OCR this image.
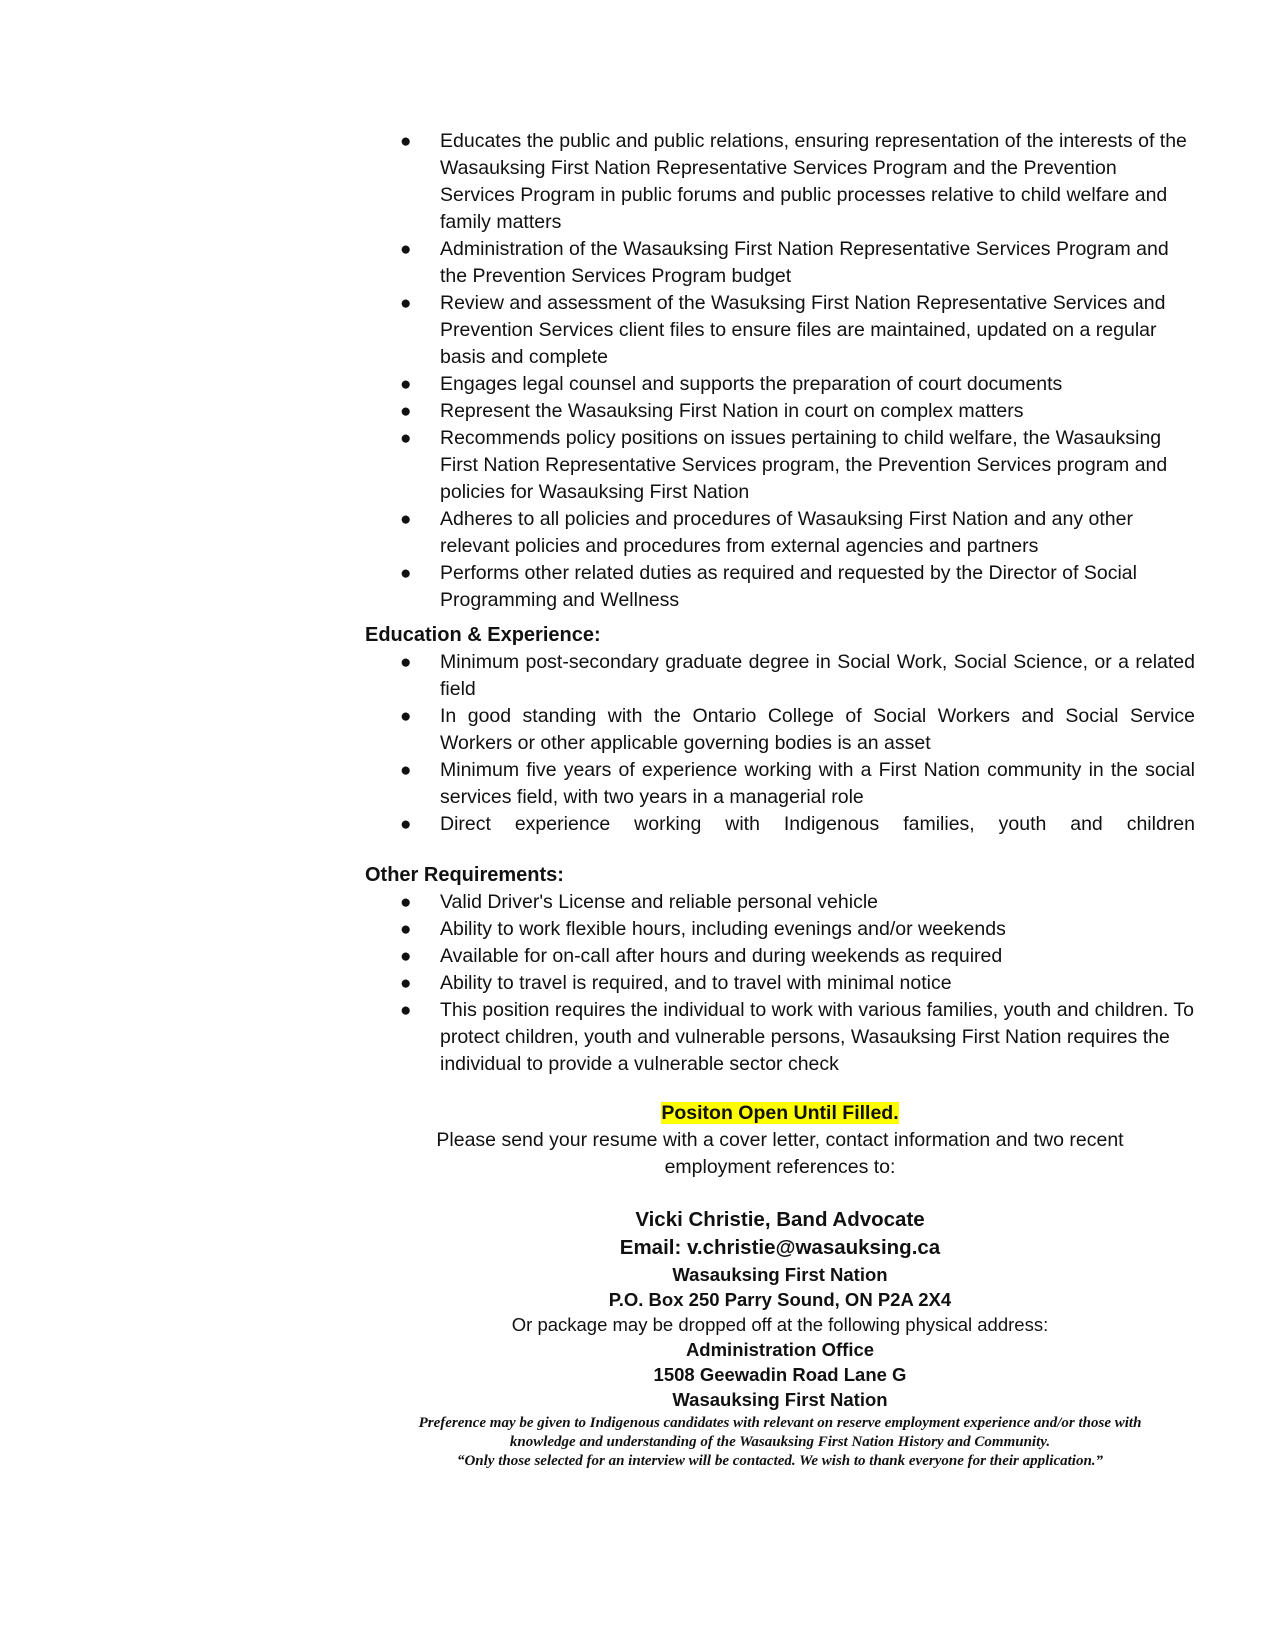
● Educates the public and public relations, ensuring representation of the interests of the Wasauksing First Nation Representative Services Program and the Prevention Services Program in public forums and public processes relative to child welfare and family matters
● Administration of the Wasauksing First Nation Representative Services Program and the Prevention Services Program budget
● Review and assessment of the Wasuksing First Nation Representative Services and Prevention Services client files to ensure files are maintained, updated on a regular basis and complete
● Engages legal counsel and supports the preparation of court documents
● Represent the Wasauksing First Nation in court on complex matters
● Recommends policy positions on issues pertaining to child welfare, the Wasauksing First Nation Representative Services program, the Prevention Services program and policies for Wasauksing First Nation
● Adheres to all policies and procedures of Wasauksing First Nation and any other relevant policies and procedures from external agencies and partners
● Performs other related duties as required and requested by the Director of Social Programming and Wellness

Education & Experience:

● Minimum post-secondary graduate degree in Social Work, Social Science, or a related field
● In good standing with the Ontario College of Social Workers and Social Service Workers or other applicable governing bodies is an asset
● Minimum five years of experience working with a First Nation community in the social services field, with two years in a managerial role
● Direct experience working with Indigenous families, youth and children

Other Requirements:

● Valid Driver's License and reliable personal vehicle
● Ability to work flexible hours, including evenings and/or weekends
● Available for on-call after hours and during weekends as required
● Ability to travel is required, and to travel with minimal notice
● This position requires the individual to work with various families, youth and children. To protect children, youth and vulnerable persons, Wasauksing First Nation requires the individual to provide a vulnerable sector check

Positon Open Until Filled.

Please send your resume with a cover letter, contact information and two recent

employment references to:

Vicki Christie, Band Advocate

Email: v.christie@wasauksing.ca

Wasauksing First Nation

P.O. Box 250 Parry Sound, ON P2A 2X4

Or package may be dropped off at the following physical address:

Administration Office

1508 Geewadin Road Lane G

Wasauksing First Nation

Preference may be given to Indigenous candidates with relevant on reserve employment experience and/or those with

knowledge and understanding of the Wasauksing First Nation History and Community.

“Only those selected for an interview will be contacted. We wish to thank everyone for their application.”
